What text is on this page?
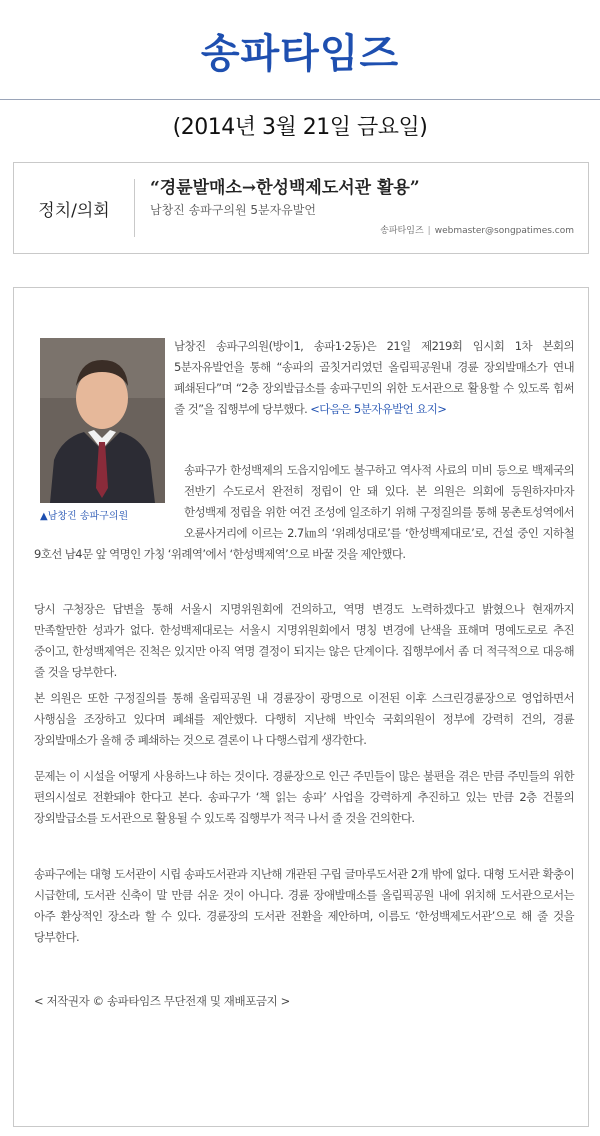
송파타임즈
(2014년 3월 21일 금요일)
정치/의회
“경륜발매소→한성백제도서관 활용”
남창진 송파구의원 5분자유발언
송파타임즈 | webmaster@songpatimes.com
▲남창진 송파구의원
남창진 송파구의원(방이1, 송파1·2동)은 21일 제219회 임시회 1차 본회의 5분자유발언을 통해 “송파의 골칫거리였던 올림픽공원내 경륜 장외발매소가 연내 폐쇄된다”며 “2층 장외발급소를 송파구민의 위한 도서관으로 활용할 수 있도록 힘써 줄 것”을 집행부에 당부했다. <다음은 5분자유발언 요지>
송파구가 한성백제의 도읍지임에도 불구하고 역사적 사료의 미비 등으로 백제국의 전반기 수도로서 완전히 정립이 안 돼 있다. 본 의원은 의회에 등원하자마자 한성백제 정립을 위한 여건 조성에 일조하기 위해 구정질의를 통해 몽촌토성역에서 오륜사거리에 이르는 2.7㎞의 ‘위례성대로’를 ‘한성백제대로’로, 건설 중인 지하철 9호선 남4문 앞 역명인 가칭 ‘위례역’에서 ‘한성백제역’으로 바꿀 것을 제안했다.
당시 구청장은 답변을 통해 서울시 지명위원회에 건의하고, 역명 변경도 노력하겠다고 밝혔으나 현재까지 만족할만한 성과가 없다. 한성백제대로는 서울시 지명위원회에서 명칭 변경에 난색을 표해며 명예도로로 추진 중이고, 한성백제역은 진척은 있지만 아직 역명 결정이 되지는 않은 단계이다. 집행부에서 좀 더 적극적으로 대응해 줄 것을 당부한다.
본 의원은 또한 구정질의를 통해 올림픽공원 내 경륜장이 광명으로 이전된 이후 스크린경륜장으로 영업하면서 사행심을 조장하고 있다며 폐쇄를 제안했다. 다행히 지난해 박인숙 국회의원이 정부에 강력히 건의, 경륜 장외발매소가 올해 중 폐쇄하는 것으로 결론이 나 다행스럽게 생각한다.
문제는 이 시설을 어떻게 사용하느냐 하는 것이다. 경륜장으로 인근 주민들이 많은 불편을 겪은 만큼 주민들의 위한 편의시설로 전환돼야 한다고 본다. 송파구가 ‘책 읽는 송파’ 사업을 강력하게 추진하고 있는 만큼 2층 건물의 장외발급소를 도서관으로 활용될 수 있도록 집행부가 적극 나서 줄 것을 건의한다.
송파구에는 대형 도서관이 시립 송파도서관과 지난해 개관된 구립 글마루도서관 2개 밖에 없다. 대형 도서관 확충이 시급한데, 도서관 신축이 말 만큼 쉬운 것이 아니다. 경륜 장애발매소를 올림픽공원 내에 위치해 도서관으로서는 아주 환상적인 장소라 할 수 있다. 경륜장의 도서관 전환을 제안하며, 이름도 ‘한성백제도서관’으로 해 줄 것을 당부한다.
< 저작권자 © 송파타임즈 무단전재 및 재배포금지 >
